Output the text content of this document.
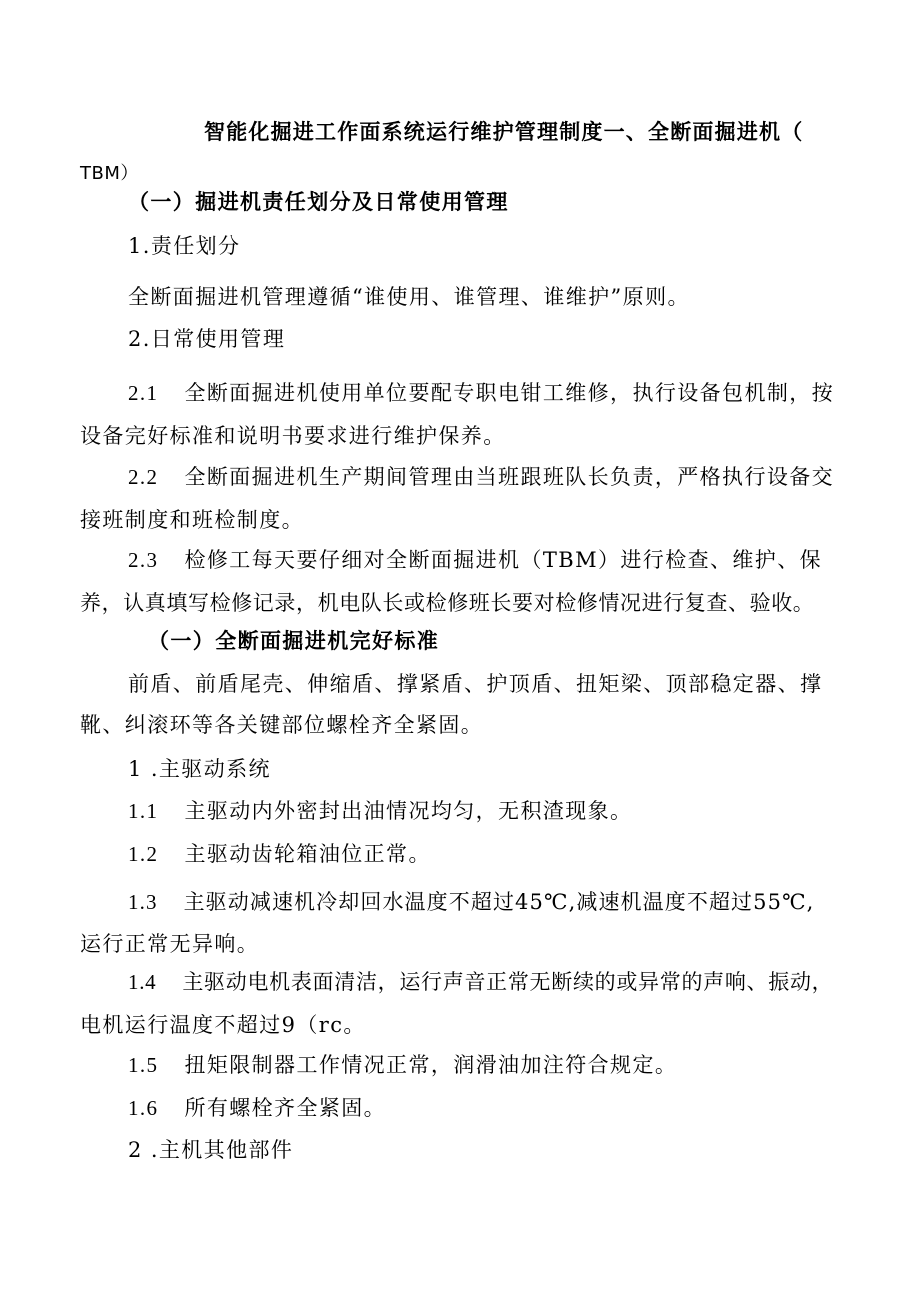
智能化掘进工作面系统运行维护管理制度一、全断面掘进机（
TBM）
（一）掘进机责任划分及日常使用管理
1.责任划分
全断面掘进机管理遵循“谁使用、谁管理、谁维护”原则。
2.日常使用管理
2.1 全断面掘进机使用单位要配专职电钳工维修，执行设备包机制，按
设备完好标准和说明书要求进行维护保养。
2.2 全断面掘进机生产期间管理由当班跟班队长负责，严格执行设备交
接班制度和班检制度。
2.3 检修工每天要仔细对全断面掘进机（TBM）进行检查、维护、保
养，认真填写检修记录，机电队长或检修班长要对检修情况进行复查、验收。
（一）全断面掘进机完好标准
前盾、前盾尾壳、伸缩盾、撑紧盾、护顶盾、扭矩梁、顶部稳定器、撑
靴、纠滚环等各关键部位螺栓齐全紧固。
1 .主驱动系统
1.1 主驱动内外密封出油情况均匀，无积渣现象。
1.2 主驱动齿轮箱油位正常。
1.3 主驱动减速机冷却回水温度不超过45℃,减速机温度不超过55℃,
运行正常无异响。
1.4 主驱动电机表面清洁，运行声音正常无断续的或异常的声响、振动，
电机运行温度不超过9（rc。
1.5 扭矩限制器工作情况正常，润滑油加注符合规定。
1.6 所有螺栓齐全紧固。
2 .主机其他部件
